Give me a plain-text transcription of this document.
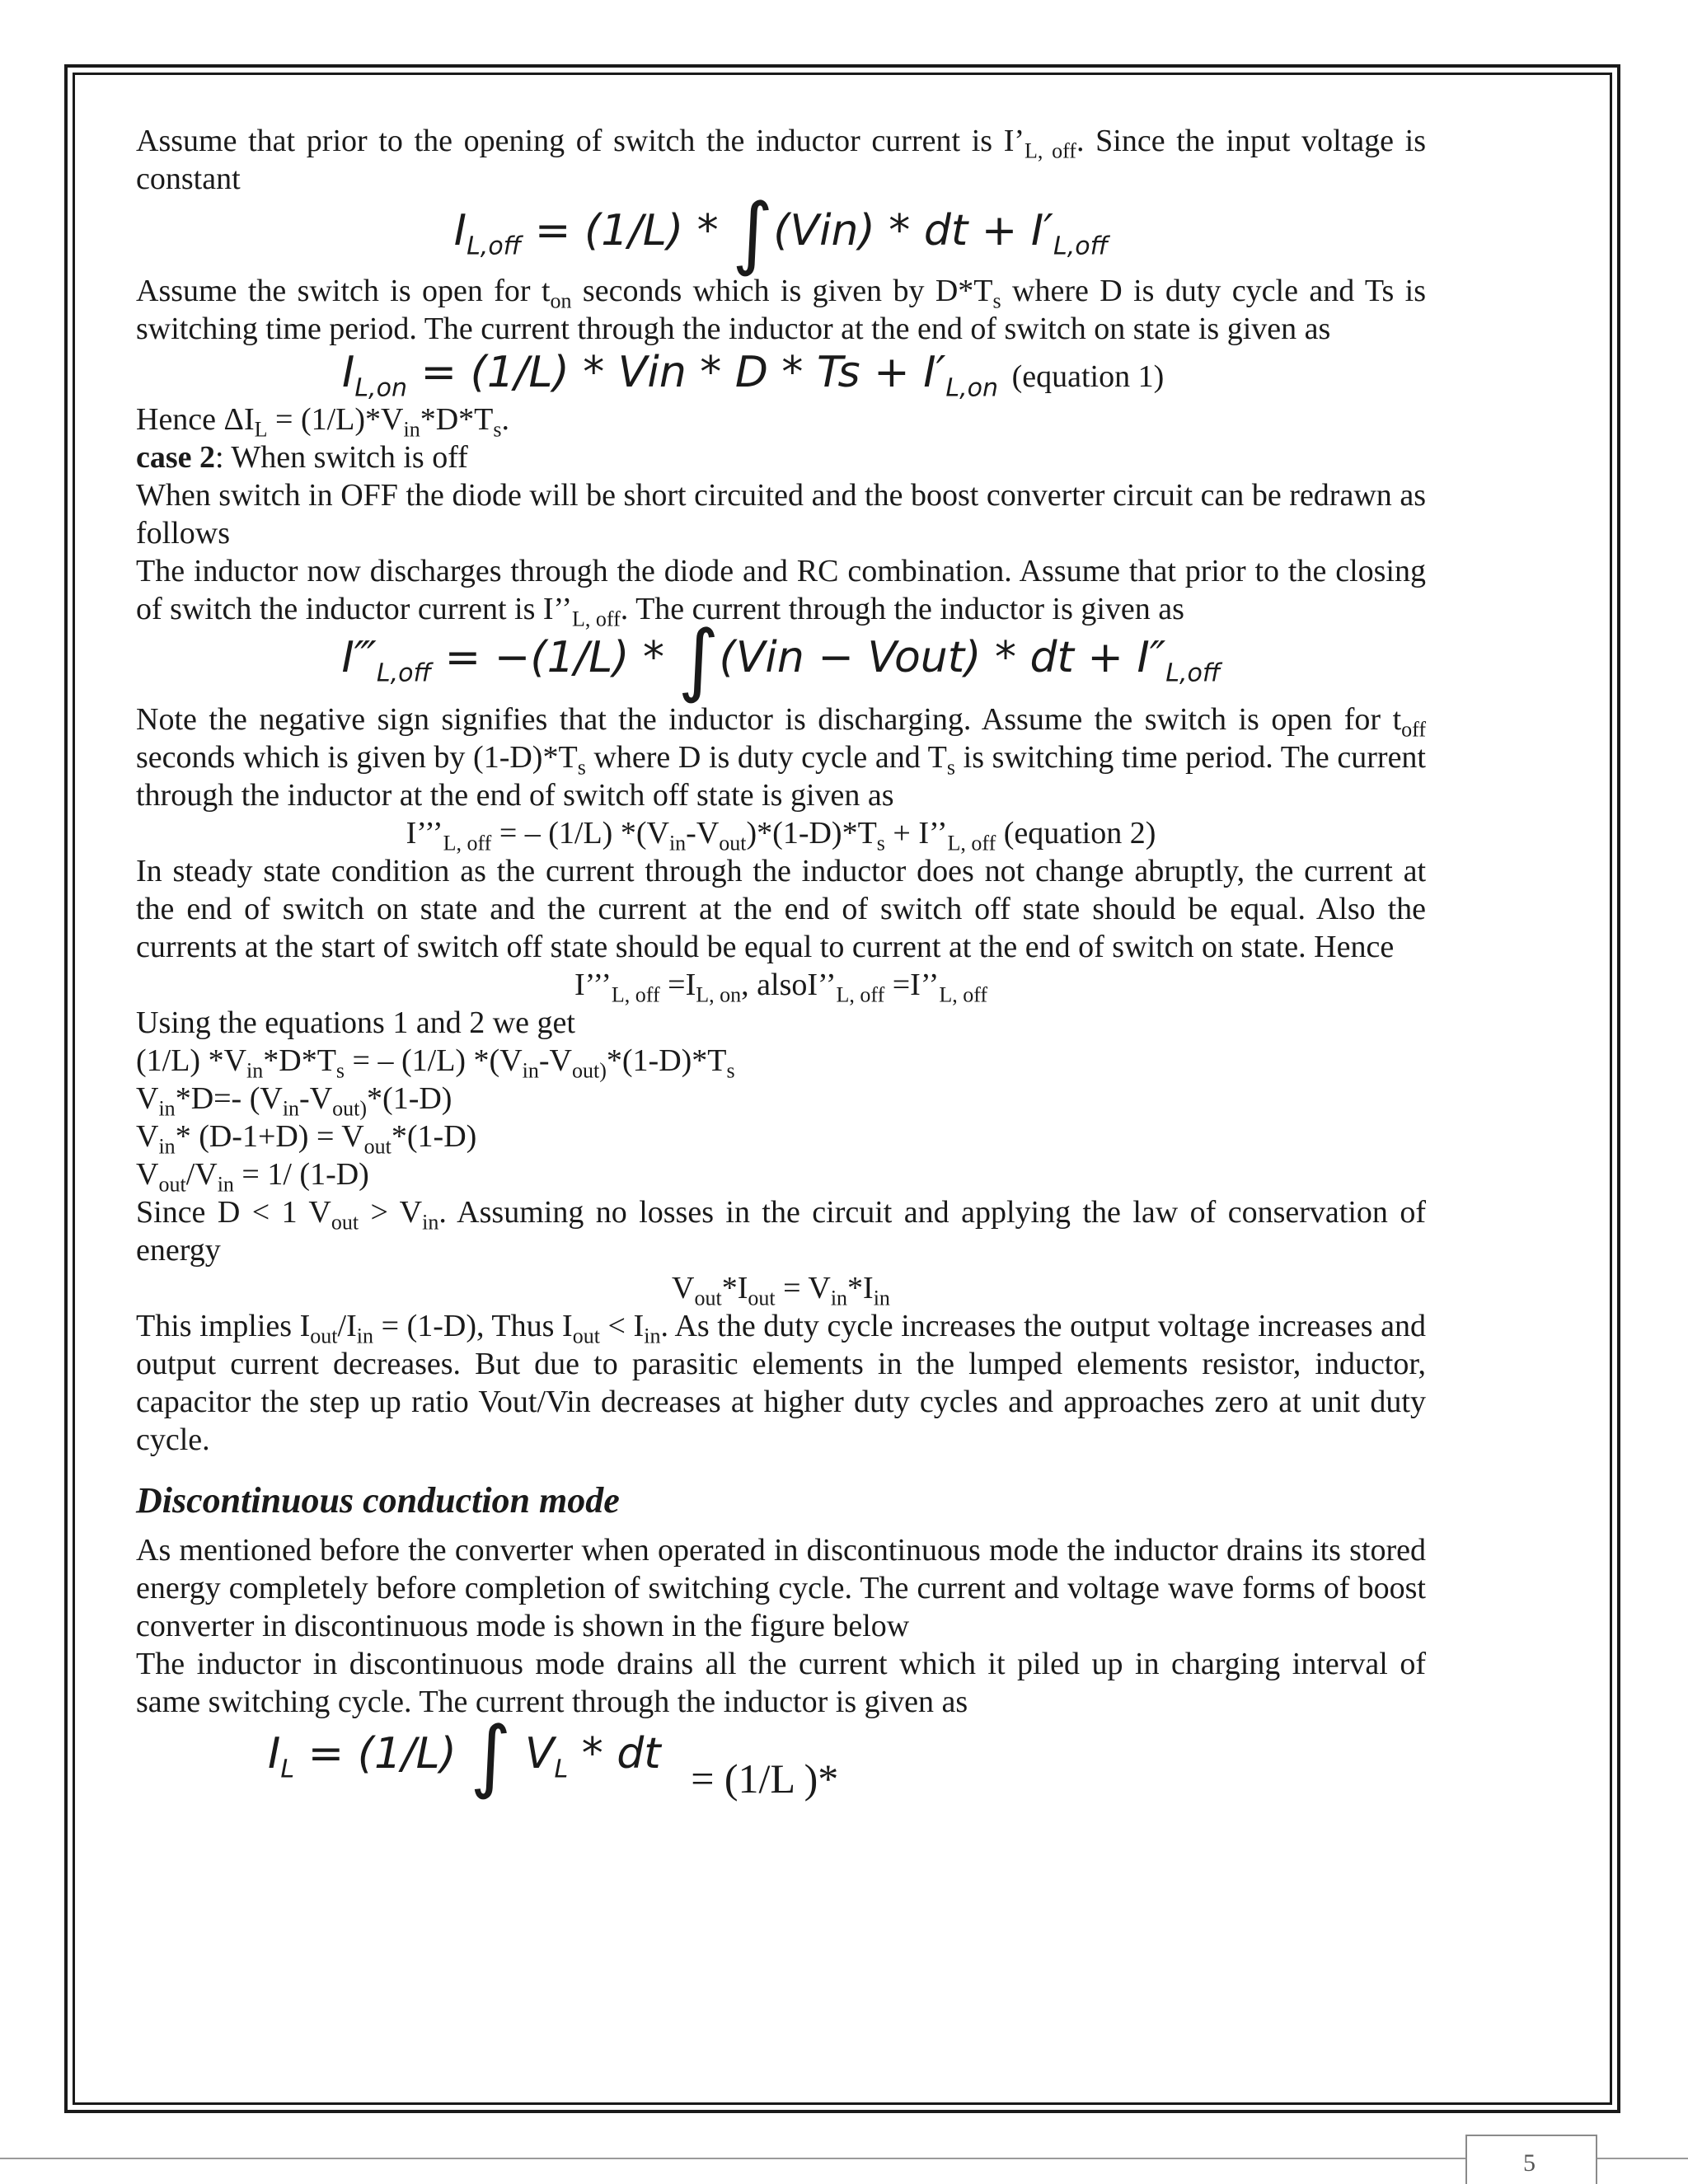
Assume that prior to the opening of switch the inductor current is $I’_{L, off}$. Since the input voltage is constant

$I_{L,off} = (1/L) * \int(Vin)$ * dt + $I'_{L,off}$

Assume the switch is open for $t_{on}$ seconds which is given by $D*T_s$ where D is duty cycle and Ts is switching time period. The current through the inductor at the end of switch on state is given as

$I_{L,on} = (1/L)$ * Vin * $D * Ts + I'_{L,on}$ (equation 1)

Hence $\Delta I_L = (1/L)*V_{in}*D*T_s$.

case 2: When switch is off

When switch in OFF the diode will be short circuited and the boost converter circuit can be redrawn as follows

The inductor now discharges through the diode and RC combination. Assume that prior to the closing of switch the inductor current is $I’’_{L, off}$. The current through the inductor is given as

$I‴_{L,off} = -(1/L) * \int(Vin$ − Vout) * dt + $I''_{L,off}$

Note the negative sign signifies that the inductor is discharging. Assume the switch is open for $t_{off}$ seconds which is given by $(1-D)*T_s$ where D is duty cycle and $T_s$ is switching time period. The current through the inductor at the end of switch off state is given as

$I’’’_{L, off}$ = – (1/L) $*(V_{in}-V_{out})*(1-D)*T_s$ + $I’’_{L, off}$ (equation 2)

In steady state condition as the current through the inductor does not change abruptly, the current at the end of switch on state and the current at the end of switch off state should be equal. Also the currents at the start of switch off state should be equal to current at the end of switch on state. Hence

$I’’’_{L, off} =I_{L, on}$, $alsoI’’_{L, off}$ $=I’’_{L, off}$

Using the equations 1 and 2 we get

(1/L) $*V_{in}*D*T_s$ = – (1/L) $*(V_{in}-V_{out)}*(1-D)*T_s$

$V_{in}*D=-$ ($V_{in}-V_{out)}*(1-D)$

$V_{in}*$ $(D-1+D) = V_{out}*(1-D)$

$V_{out}/V_{in} = 1/$ (1-D)

Since D < 1 $V_{out} > V_{in}$. Assuming no losses in the circuit and applying the law of conservation of energy

$V_{out}*I_{out} = V_{in}*I_{in}$

This implies $I_{out}/I_{in} = (1-D)$, Thus $I_{out} < I_{in}$. As the duty cycle increases the output voltage increases and output current decreases. But due to parasitic elements in the lumped elements resistor, inductor, capacitor the step up ratio Vout/Vin decreases at higher duty cycles and approaches zero at unit duty cycle.

Discontinuous conduction mode

As mentioned before the converter when operated in discontinuous mode the inductor drains its stored energy completely before completion of switching cycle. The current and voltage wave forms of boost converter in discontinuous mode is shown in the figure below

The inductor in discontinuous mode drains all the current which it piled up in charging interval of same switching cycle. The current through the inductor is given as

$I_L = (1/L)$ ∫ $V_L$ * dt = (1/L )*
5
